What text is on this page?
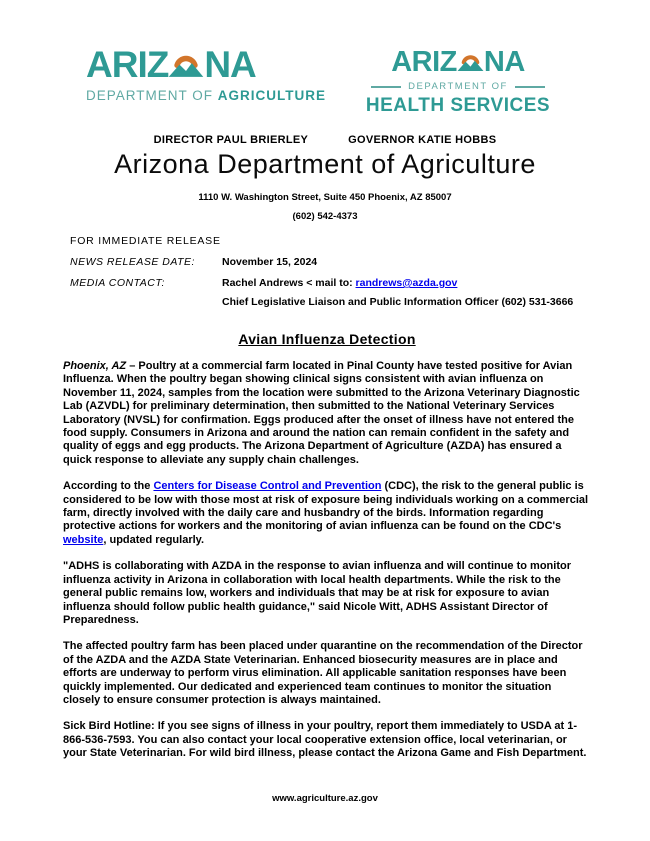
ARIZ NA
DEPARTMENT OF AGRICULTURE
ARIZ NA
DEPARTMENT OF
HEALTH SERVICES
DIRECTOR PAUL BRIERLEY	GOVERNOR KATIE HOBBS
Arizona Department of Agriculture
1110 W. Washington Street, Suite 450 Phoenix, AZ 85007
(602) 542-4373
FOR IMMEDIATE RELEASE
NEWS RELEASE DATE:	November 15, 2024
MEDIA CONTACT:	Rachel Andrews < mail to: randrews@azda.gov
Chief Legislative Liaison and Public Information Officer (602) 531-3666
Avian Influenza Detection

Phoenix, AZ – Poultry at a commercial farm located in Pinal County have tested positive for Avian Influenza. When the poultry began showing clinical signs consistent with avian influenza on November 11, 2024, samples from the location were submitted to the Arizona Veterinary Diagnostic Lab (AZVDL) for preliminary determination, then submitted to the National Veterinary Services Laboratory (NVSL) for confirmation. Eggs produced after the onset of illness have not entered the food supply. Consumers in Arizona and around the nation can remain confident in the safety and quality of eggs and egg products. The Arizona Department of Agriculture (AZDA) has ensured a quick response to alleviate any supply chain challenges.

According to the Centers for Disease Control and Prevention (CDC), the risk to the general public is considered to be low with those most at risk of exposure being individuals working on a commercial farm, directly involved with the daily care and husbandry of the birds. Information regarding protective actions for workers and the monitoring of avian influenza can be found on the CDC's website, updated regularly.

"ADHS is collaborating with AZDA in the response to avian influenza and will continue to monitor influenza activity in Arizona in collaboration with local health departments. While the risk to the general public remains low, workers and individuals that may be at risk for exposure to avian influenza should follow public health guidance," said Nicole Witt, ADHS Assistant Director of Preparedness.

The affected poultry farm has been placed under quarantine on the recommendation of the Director of the AZDA and the AZDA State Veterinarian. Enhanced biosecurity measures are in place and efforts are underway to perform virus elimination. All applicable sanitation responses have been quickly implemented. Our dedicated and experienced team continues to monitor the situation closely to ensure consumer protection is always maintained.

Sick Bird Hotline: If you see signs of illness in your poultry, report them immediately to USDA at 1-866-536-7593. You can also contact your local cooperative extension office, local veterinarian, or your State Veterinarian. For wild bird illness, please contact the Arizona Game and Fish Department.

www.agriculture.az.gov
